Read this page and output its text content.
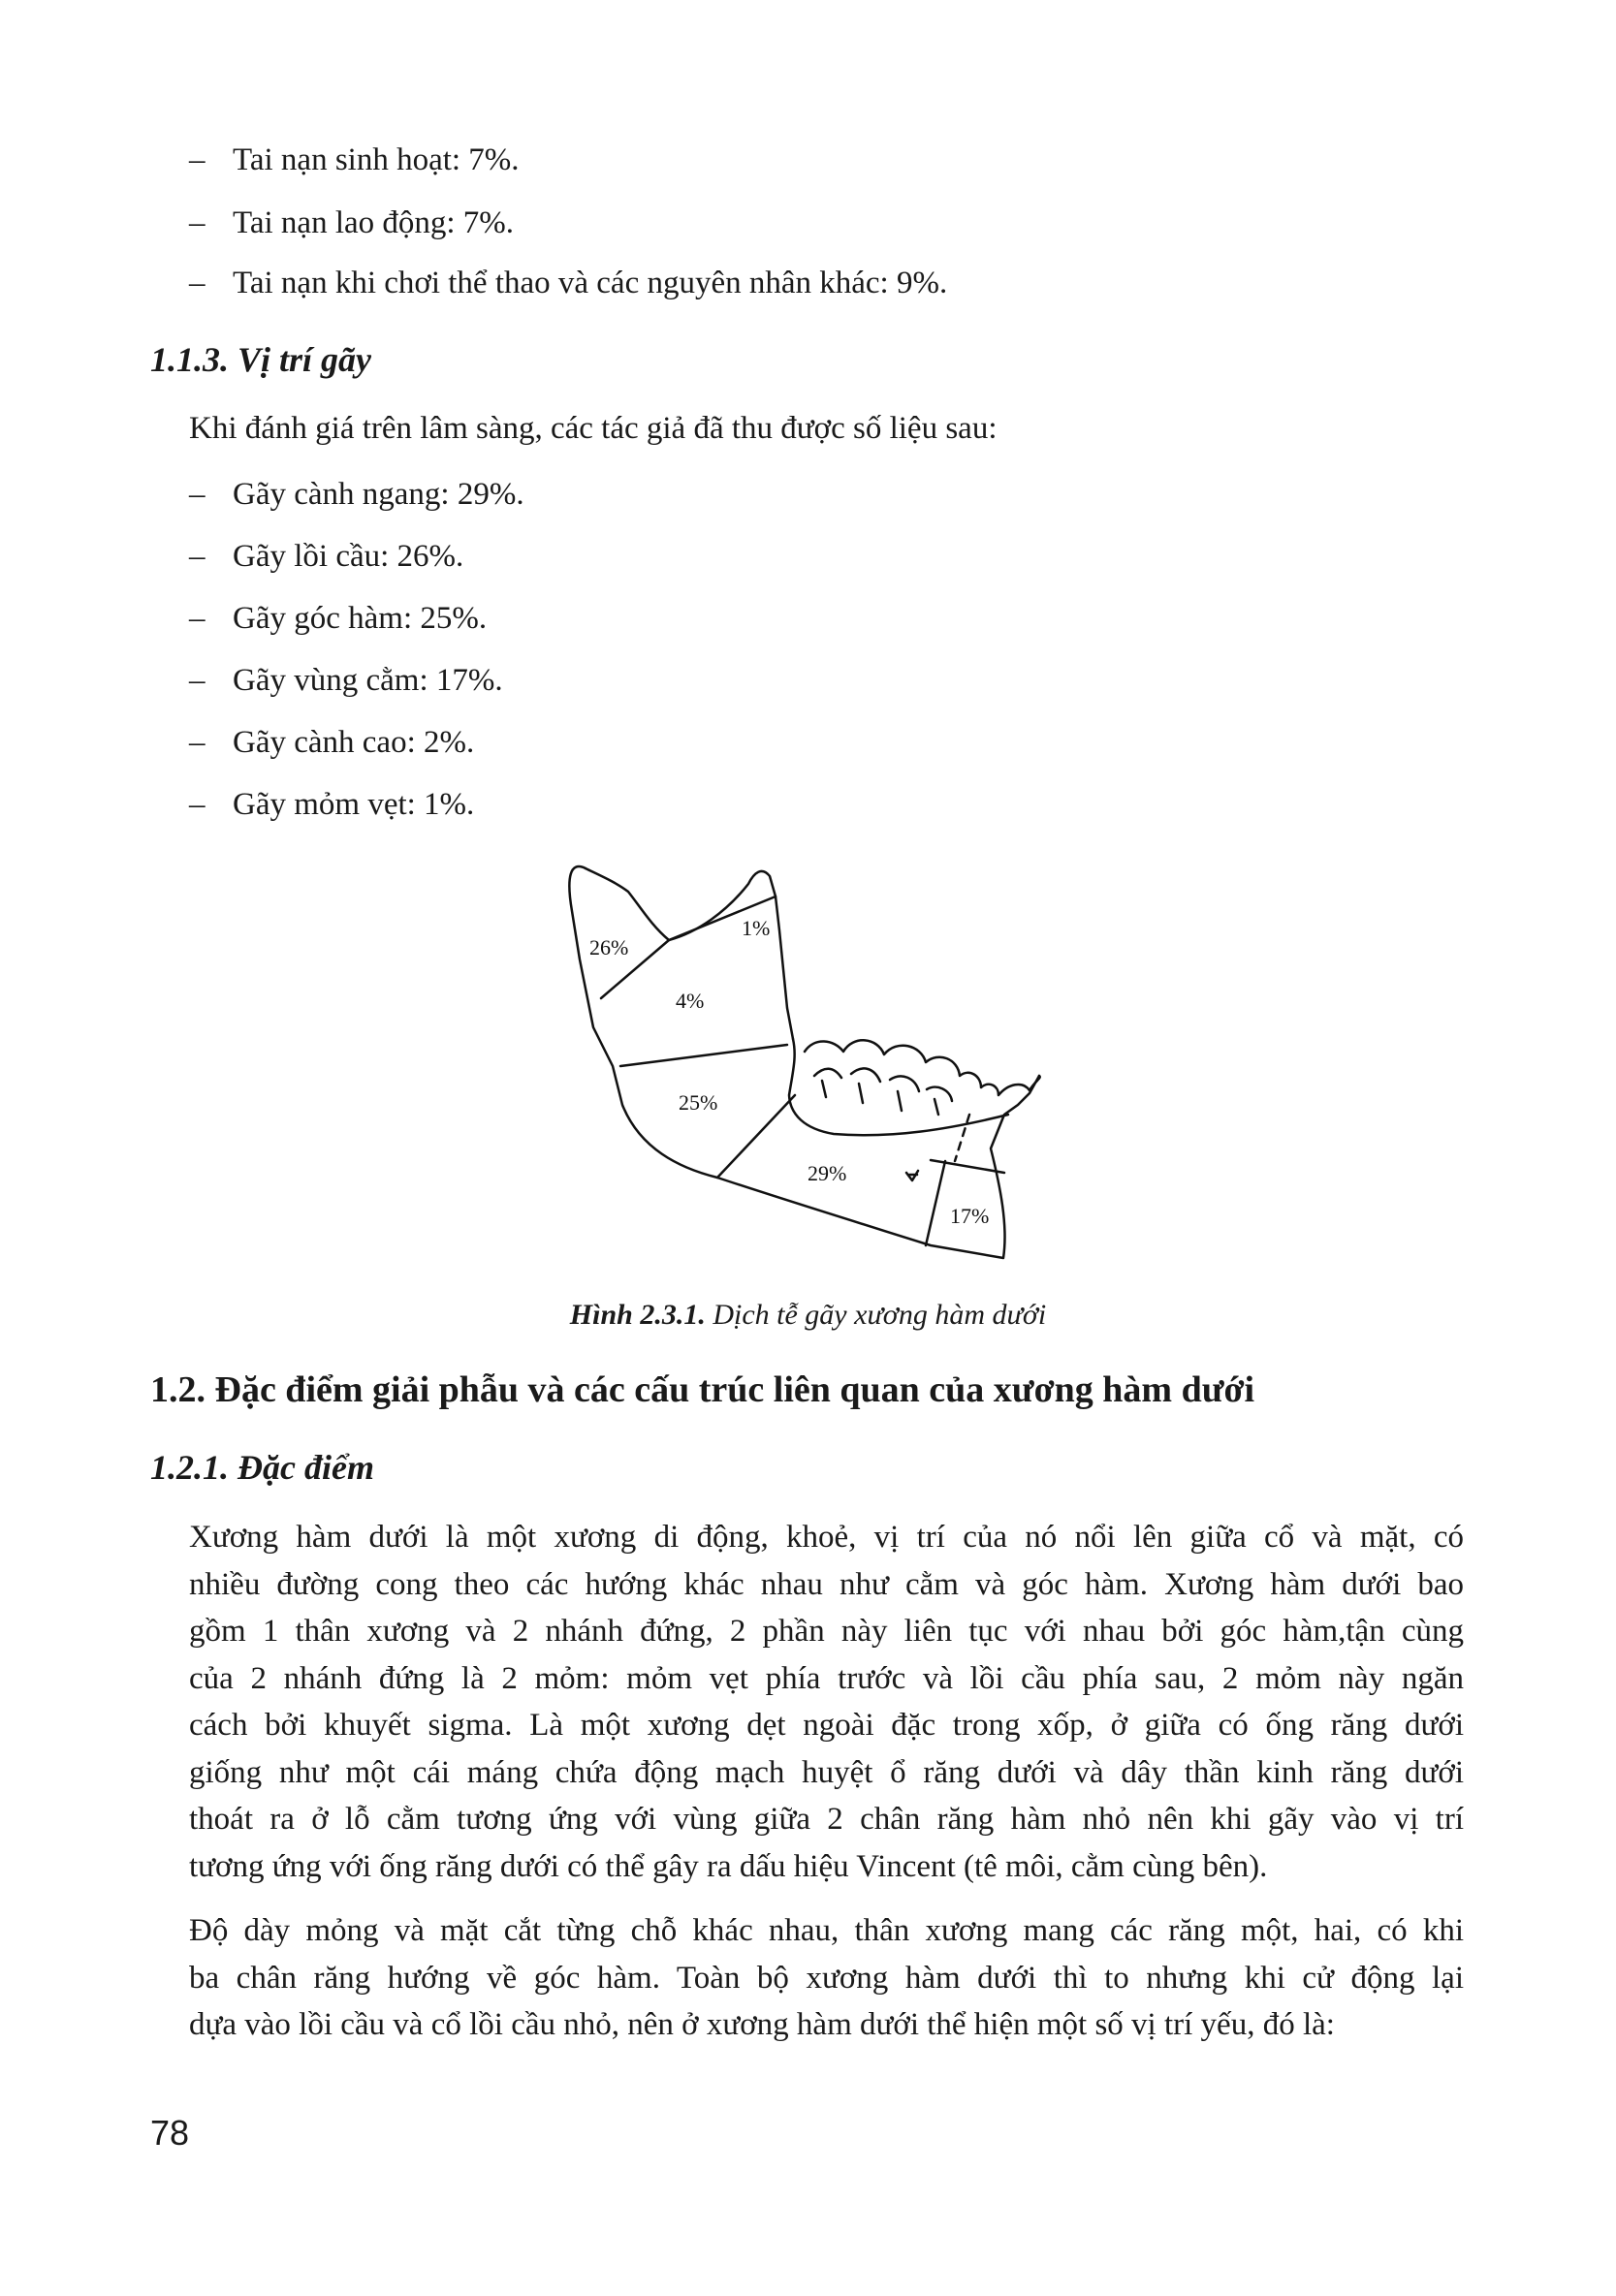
– Tai nạn sinh hoạt: 7%.
– Tai nạn lao động: 7%.
– Tai nạn khi chơi thể thao và các nguyên nhân khác: 9%.
1.1.3. Vị trí gãy
Khi đánh giá trên lâm sàng, các tác giả đã thu được số liệu sau:
– Gãy cành ngang: 29%.
– Gãy lồi cầu: 26%.
– Gãy góc hàm: 25%.
– Gãy vùng cằm: 17%.
– Gãy cành cao: 2%.
– Gãy mỏm vẹt: 1%.
26%
1%
4%
25%
29%
17%
Hình 2.3.1. Dịch tễ gãy xương hàm dưới
1.2. Đặc điểm giải phẫu và các cấu trúc liên quan của xương hàm dưới
1.2.1. Đặc điểm
Xương hàm dưới là một xương di động, khoẻ, vị trí của nó nổi lên giữa cổ và mặt, có
nhiều đường cong theo các hướng khác nhau như cằm và góc hàm. Xương hàm dưới bao
gồm 1 thân xương và 2 nhánh đứng, 2 phần này liên tục với nhau bởi góc hàm,tận cùng
của 2 nhánh đứng là 2 mỏm: mỏm vẹt phía trước và lồi cầu phía sau, 2 mỏm này ngăn
cách bởi khuyết sigma. Là một xương dẹt ngoài đặc trong xốp, ở giữa có ống răng dưới
giống như một cái máng chứa động mạch huyệt ổ răng dưới và dây thần kinh răng dưới
thoát ra ở lỗ cằm tương ứng với vùng giữa 2 chân răng hàm nhỏ nên khi gãy vào vị trí
tương ứng với ống răng dưới có thể gây ra dấu hiệu Vincent (tê môi, cằm cùng bên).
Độ dày mỏng và mặt cắt từng chỗ khác nhau, thân xương mang các răng một, hai, có khi
ba chân răng hướng về góc hàm. Toàn bộ xương hàm dưới thì to nhưng khi cử động lại
dựa vào lồi cầu và cổ lồi cầu nhỏ, nên ở xương hàm dưới thể hiện một số vị trí yếu, đó là:
78
